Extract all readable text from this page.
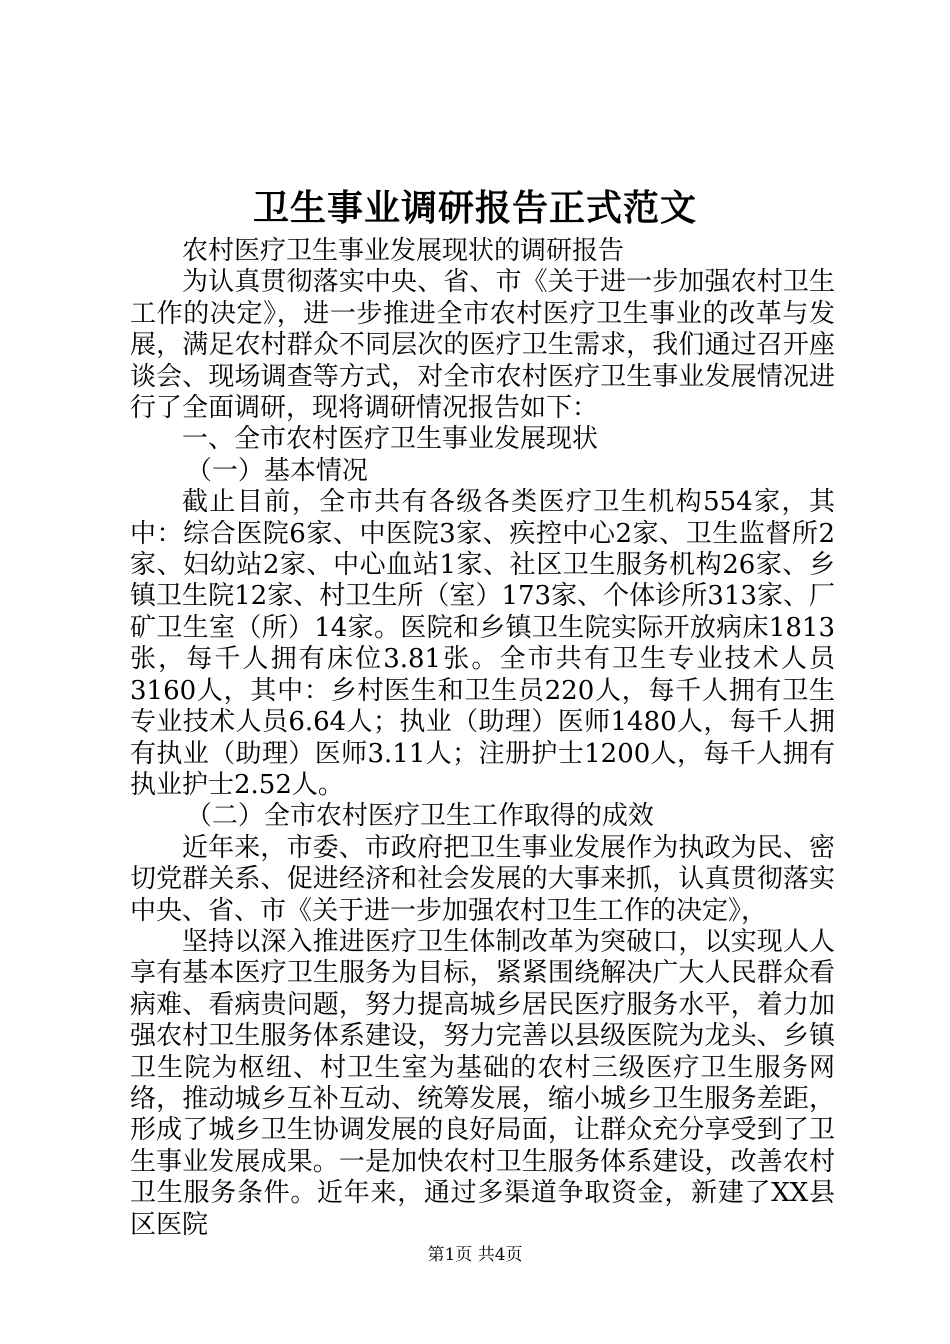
卫生事业调研报告正式范文

农村医疗卫生事业发展现状的调研报告

为认真贯彻落实中央、省、市《关于进一步加强农村卫生工作的决定》，进一步推进全市农村医疗卫生事业的改革与发展，满足农村群众不同层次的医疗卫生需求，我们通过召开座谈会、现场调查等方式，对全市农村医疗卫生事业发展情况进行了全面调研，现将调研情况报告如下：

一、全市农村医疗卫生事业发展现状

（一）基本情况

截止目前，全市共有各级各类医疗卫生机构554家，其中：综合医院6家、中医院3家、疾控中心2家、卫生监督所2家、妇幼站2家、中心血站1家、社区卫生服务机构26家、乡镇卫生院12家、村卫生所（室）173家、个体诊所313家、厂矿卫生室（所）14家。医院和乡镇卫生院实际开放病床1813张，每千人拥有床位3.81张。全市共有卫生专业技术人员3160人，其中：乡村医生和卫生员220人，每千人拥有卫生专业技术人员6.64人；执业（助理）医师1480人，每千人拥有执业（助理）医师3.11人；注册护士1200人，每千人拥有执业护士2.52人。

（二）全市农村医疗卫生工作取得的成效

近年来，市委、市政府把卫生事业发展作为执政为民、密切党群关系、促进经济和社会发展的大事来抓，认真贯彻落实中央、省、市《关于进一步加强农村卫生工作的决定》，

坚持以深入推进医疗卫生体制改革为突破口，以实现人人享有基本医疗卫生服务为目标，紧紧围绕解决广大人民群众看病难、看病贵问题，努力提高城乡居民医疗服务水平，着力加强农村卫生服务体系建设，努力完善以县级医院为龙头、乡镇卫生院为枢纽、村卫生室为基础的农村三级医疗卫生服务网络，推动城乡互补互动、统筹发展，缩小城乡卫生服务差距，形成了城乡卫生协调发展的良好局面，让群众充分享受到了卫生事业发展成果。一是加快农村卫生服务体系建设，改善农村卫生服务条件。近年来，通过多渠道争取资金，新建了XX县区医院

第1页 共4页
